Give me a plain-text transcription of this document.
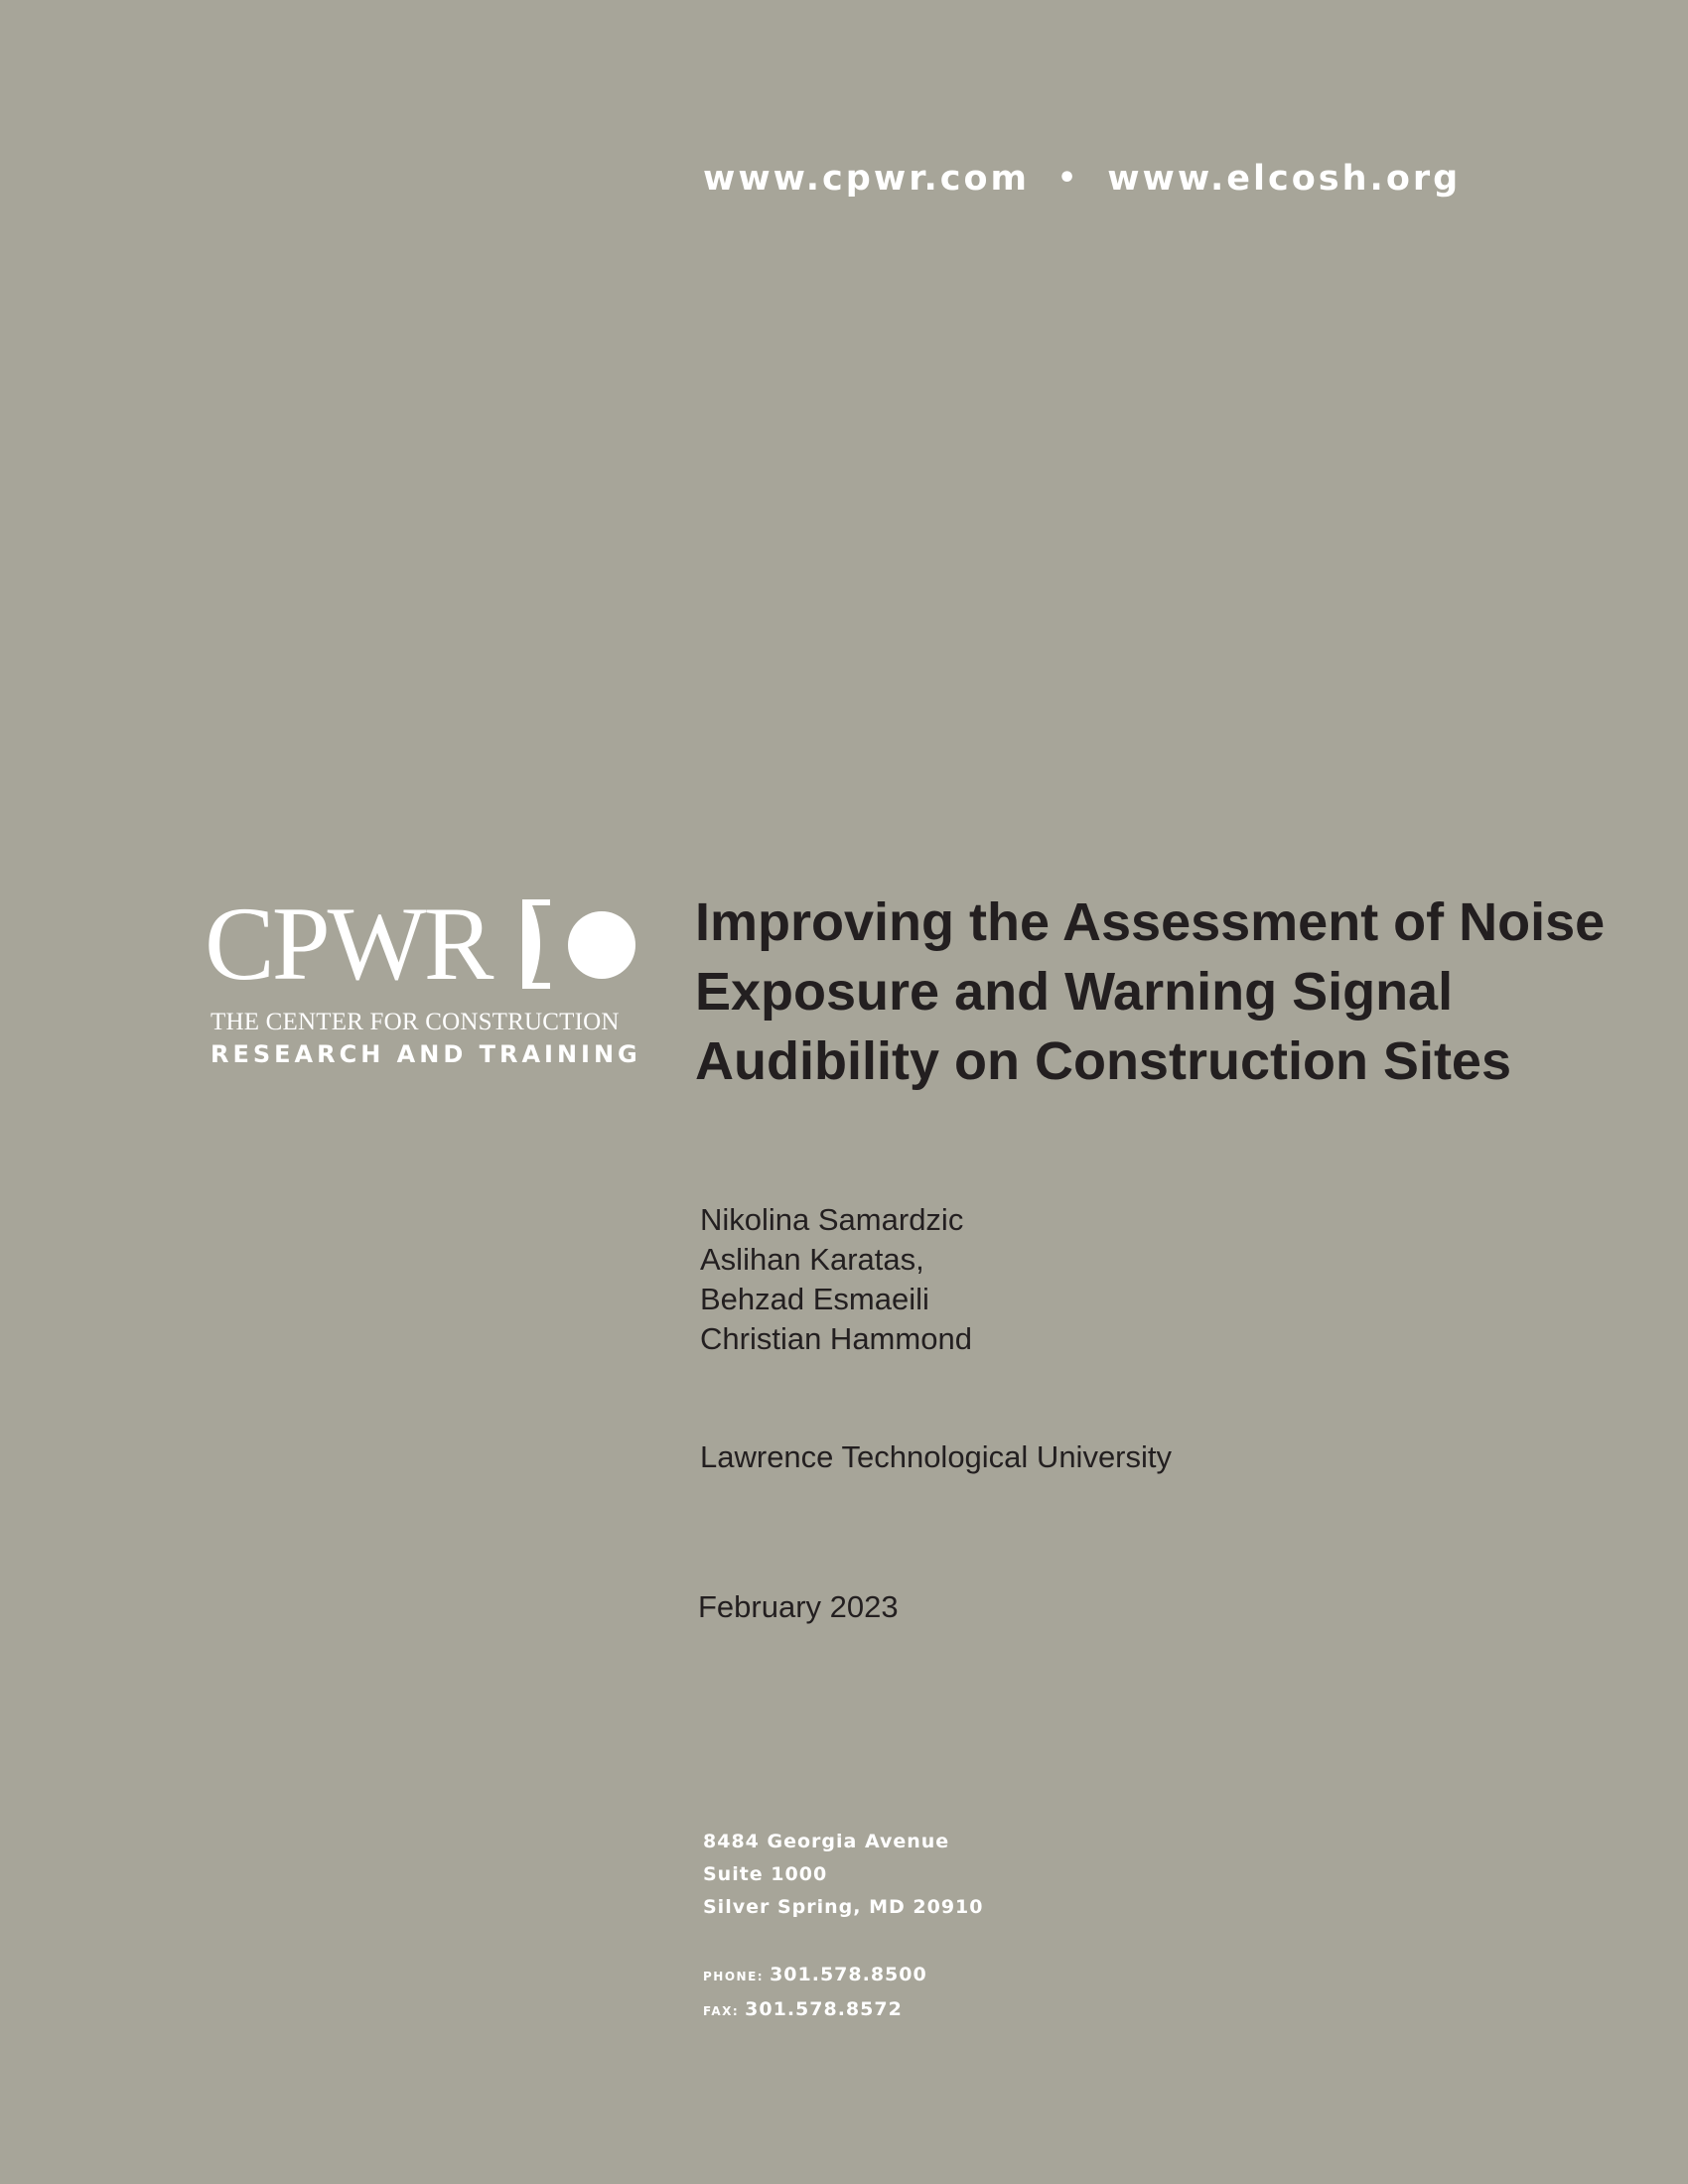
www.cpwr.com • www.elcosh.org
CPWR
THE CENTER FOR CONSTRUCTION
RESEARCH AND TRAINING
Improving the Assessment of Noise
Exposure and Warning Signal
Audibility on Construction Sites
Nikolina Samardzic
Aslihan Karatas,
Behzad Esmaeili
Christian Hammond
Lawrence Technological University
February 2023
8484 Georgia Avenue
Suite 1000
Silver Spring, MD 20910
PHONE: 301.578.8500
FAX: 301.578.8572
